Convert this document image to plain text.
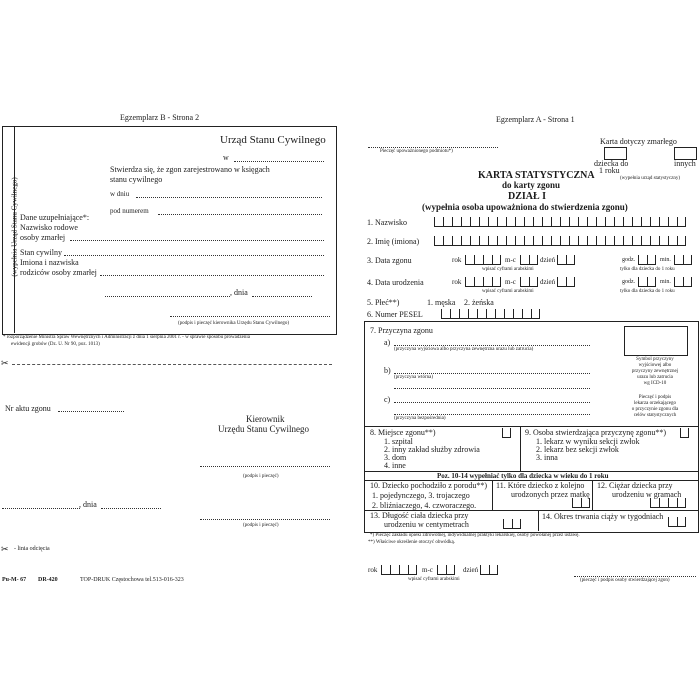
Egzemplarz B - Strona 2
(wypełnia Urząd Stanu Cywilnego)
Urząd Stanu Cywilnego
w
Stwierdza się, że zgon zarejestrowano w księgach
stanu cywilnego
w dniu
pod numerem
Dane uzupełniające*:
Nazwisko rodowe
osoby zmarłej
Stan cywilny
Imiona i nazwiska
rodziców osoby zmarłej
, dnia
(podpis i pieczęć kierownika Urzędu Stanu Cywilnego)
* rozporządzenie Ministra Spraw Wewnętrznych i Administracji z dnia 1 sierpnia 2001 r. - w sprawie sposobu prowadzenia
ewidencji grobów (Dz. U. Nr 90, poz. 1013)
✂
Nr aktu zgonu
Kierownik
Urzędu Stanu Cywilnego
(podpis i pieczęć)
, dnia
(podpis i pieczęć)
✂ - linia odcięcia
Pu-M- 67 DR-420	TOP-DRUK Częstochowa tel.513-016-323
Egzemplarz A - Strona 1
Pieczęć upoważnionego podmiotu*)
Karta dotyczy zmarłego
dziecka do
1 roku
innych
(wypełnia urząd statystyczny)
KARTA STATYSTYCZNA
do karty zgonu
DZIAŁ I
(wypełnia osoba upoważniona do stwierdzenia zgonu)
1. Nazwisko
2. Imię (imiona)
3. Data zgonu	rok	m-c	dzień
wpisać cyframi arabskimi
godz.	min.
tylko dla dziecka do 1 roku
4. Data urodzenia	rok	m-c	dzień
wpisać cyframi arabskimi
godz.	min.
tylko dla dziecka do 1 roku
5. Płeć**)	1. męska 2. żeńska
6. Numer PESEL
7. Przyczyna zgonu
a)
(przyczyna wyjściowa albo przyczyna zewnętrzna urazu lub zatrucia)
b)
(przyczyna wtórna)
c)
(przyczyna bezpośrednia)
Symbol przyczyny
wyjściowej albo
przyczyny zewnętrznej
urazu lub zatrucia
wg ICD-10
Pieczęć i podpis
lekarza orzekającego
o przyczynie zgonu dla
celów statystycznych
8. Miejsce zgonu**)
1. szpital
2. inny zakład służby zdrowia
3. dom
4. inne
9. Osoba stwierdzająca przyczynę zgonu**)
1. lekarz w wyniku sekcji zwłok
2. lekarz bez sekcji zwłok
3. inna
Poz. 10-14 wypełniać tylko dla dziecka w wieku do 1 roku
10. Dziecko pochodziło z porodu**)
1. pojedynczego, 3. trojaczego
2. bliźniaczego, 4. czworaczego.
11. Które dziecko z kolejno
urodzonych przez matkę
12. Ciężar dziecka przy
urodzeniu w gramach
13. Długość ciała dziecka przy
urodzeniu w centymetrach
14. Okres trwania ciąży w tygodniach
*) Pieczęć zakładu opieki zdrowotnej, indywidualnej praktyki lekarskiej, osoby powołanej przez ustawę.
**) Właściwe określenie otoczyć obwódką.
rok	m-c	dzień
wpisać cyframi arabskimi	(pieczęć i podpis osoby stwierdzającej zgon)
